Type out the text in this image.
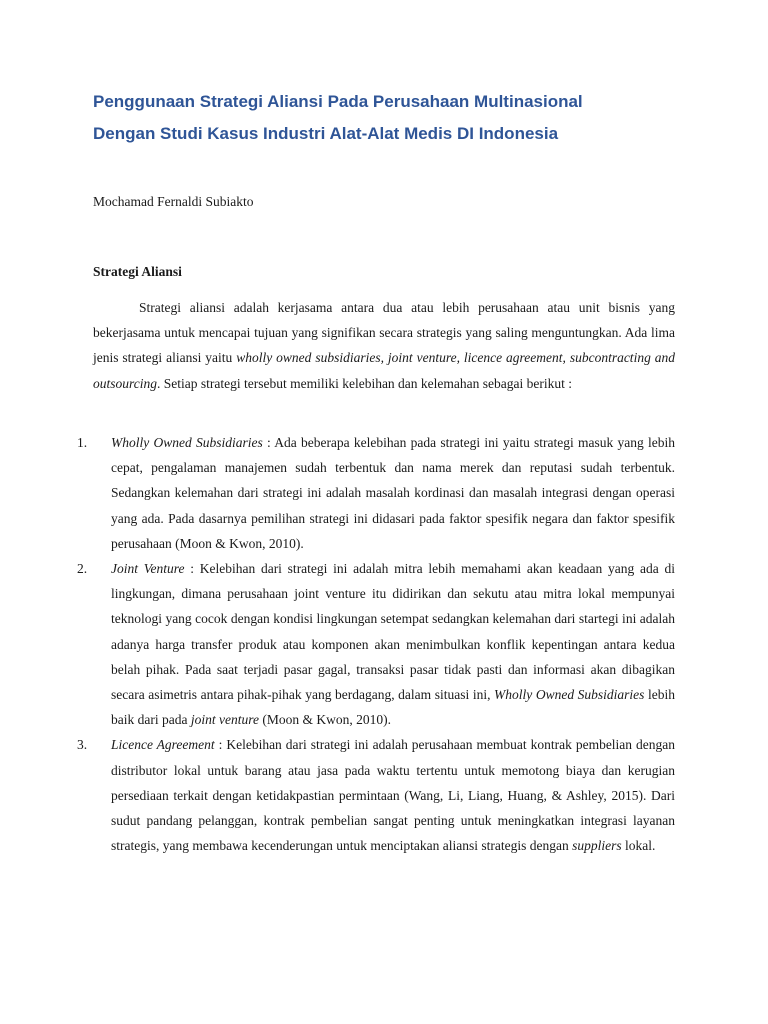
Penggunaan Strategi Aliansi Pada Perusahaan Multinasional
Dengan Studi Kasus Industri Alat-Alat Medis DI Indonesia

Mochamad Fernaldi Subiakto

Strategi Aliansi

Strategi aliansi adalah kerjasama antara dua atau lebih perusahaan atau unit bisnis yang bekerjasama untuk mencapai tujuan yang signifikan secara strategis yang saling menguntungkan. Ada lima jenis strategi aliansi yaitu wholly owned subsidiaries, joint venture, licence agreement, subcontracting and outsourcing. Setiap strategi tersebut memiliki kelebihan dan kelemahan sebagai berikut :

1. Wholly Owned Subsidiaries : Ada beberapa kelebihan pada strategi ini yaitu strategi masuk yang lebih cepat, pengalaman manajemen sudah terbentuk dan nama merek dan reputasi sudah terbentuk. Sedangkan kelemahan dari strategi ini adalah masalah kordinasi dan masalah integrasi dengan operasi yang ada. Pada dasarnya pemilihan strategi ini didasari pada faktor spesifik negara dan faktor spesifik perusahaan (Moon & Kwon, 2010).
2. Joint Venture : Kelebihan dari strategi ini adalah mitra lebih memahami akan keadaan yang ada di lingkungan, dimana perusahaan joint venture itu didirikan dan sekutu atau mitra lokal mempunyai teknologi yang cocok dengan kondisi lingkungan setempat sedangkan kelemahan dari startegi ini adalah adanya harga transfer produk atau komponen akan menimbulkan konflik kepentingan antara kedua belah pihak. Pada saat terjadi pasar gagal, transaksi pasar tidak pasti dan informasi akan dibagikan secara asimetris antara pihak-pihak yang berdagang, dalam situasi ini, Wholly Owned Subsidiaries lebih baik dari pada joint venture (Moon & Kwon, 2010).
3. Licence Agreement : Kelebihan dari strategi ini adalah perusahaan membuat kontrak pembelian dengan distributor lokal untuk barang atau jasa pada waktu tertentu untuk memotong biaya dan kerugian persediaan terkait dengan ketidakpastian permintaan (Wang, Li, Liang, Huang, & Ashley, 2015). Dari sudut pandang pelanggan, kontrak pembelian sangat penting untuk meningkatkan integrasi layanan strategis, yang membawa kecenderungan untuk menciptakan aliansi strategis dengan suppliers lokal.
